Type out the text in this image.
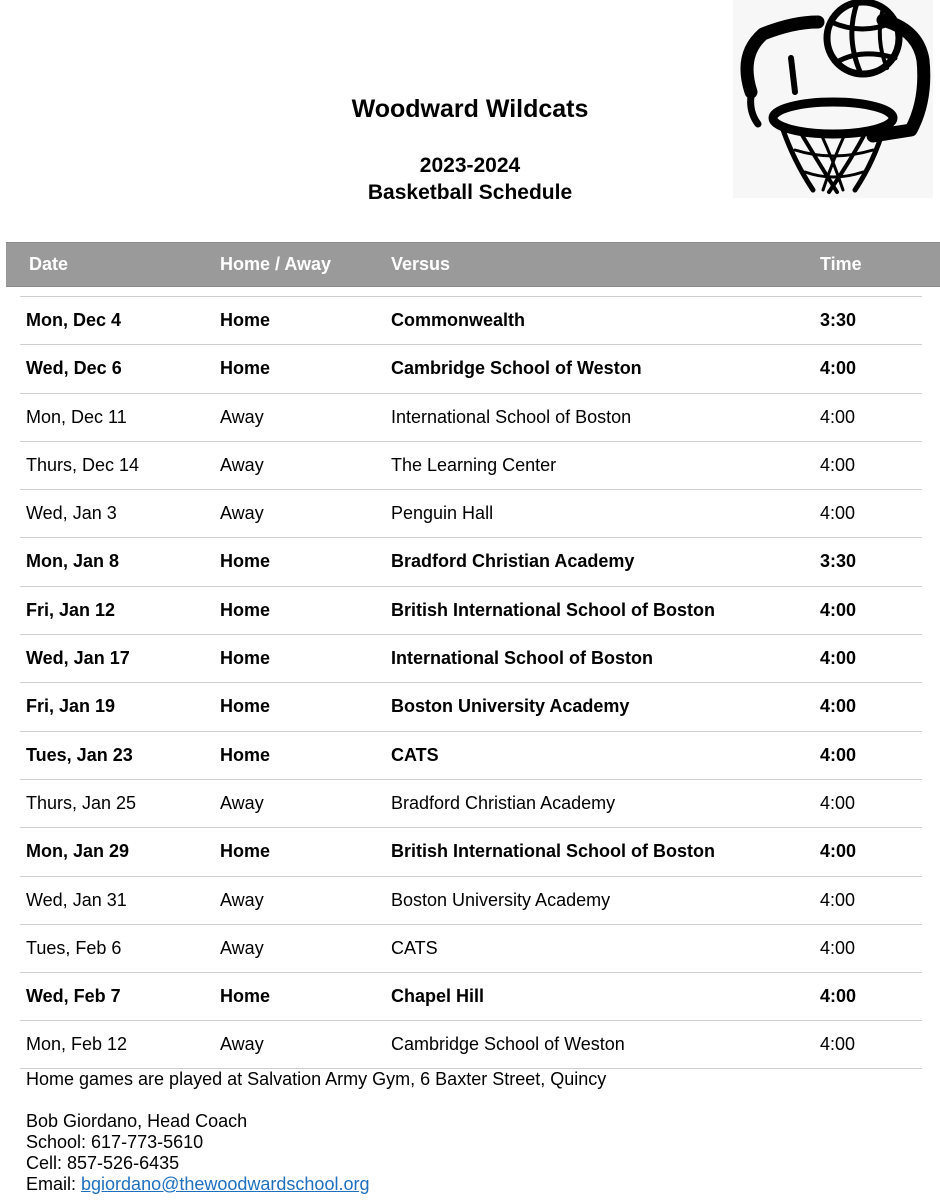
Woodward Wildcats
2023-2024
Basketball Schedule
Date	Home / Away	Versus	Time
Mon, Dec 4	Home	Commonwealth	3:30
Wed, Dec 6	Home	Cambridge School of Weston	4:00
Mon, Dec 11	Away	International School of Boston	4:00
Thurs, Dec 14	Away	The Learning Center	4:00
Wed, Jan 3	Away	Penguin Hall	4:00
Mon, Jan 8	Home	Bradford Christian Academy	3:30
Fri, Jan 12	Home	British International School of Boston	4:00
Wed, Jan 17	Home	International School of Boston	4:00
Fri, Jan 19	Home	Boston University Academy	4:00
Tues, Jan 23	Home	CATS	4:00
Thurs, Jan 25	Away	Bradford Christian Academy	4:00
Mon, Jan 29	Home	British International School of Boston	4:00
Wed, Jan 31	Away	Boston University Academy	4:00
Tues, Feb 6	Away	CATS	4:00
Wed, Feb 7	Home	Chapel Hill	4:00
Mon, Feb 12	Away	Cambridge School of Weston	4:00
Home games are played at Salvation Army Gym, 6 Baxter Street, Quincy
Bob Giordano, Head Coach
School: 617-773-5610
Cell: 857-526-6435
Email: bgiordano@thewoodwardschool.org
